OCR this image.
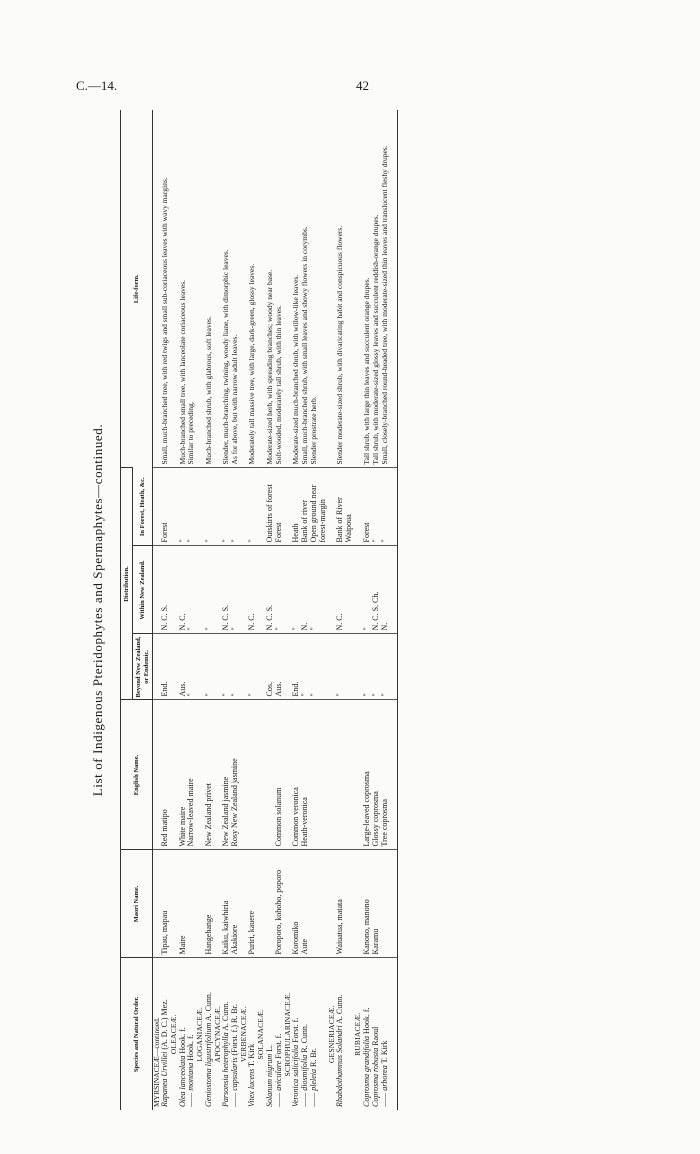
C.—14.	42
List of Indigenous Pteridophytes and Spermaphytes—continued.
Species and Natural Order.	Maori Name.	English Name.	Distribution.			Life-form.
			Beyond New Zealand, or Endemic.	Within New Zealand.	In Forest, Heath, &c.	
MYRSINACEÆ—continued.						
Rapanea Urvillei (A. D. C.) Mez.	Tipau, mapau	Red matipo	End.	N. C. S.	Forest	Small, much-branched tree, with red twigs and small sub-coriaceous leaves with wavy margins.
OLEACEÆ.						
Olea lanceolata Hook. f.	Maire	White maire	Aus.	N. C.	"	Much-branched small tree, with lanceolate coriaceous leaves.
—— montana Hook. f.		Narrow-leaved maire	"	"	"	Similar to preceding.
LOGANIACEÆ.						
Geniostoma ligustrifolium A. Cunn.	Hangehange	New Zealand privet	"	"	"	Much-branched shrub, with glabrous, soft leaves.
APOCYNACEÆ.						
Parsonsia heterophylla A. Cunn.	Kaiku, kaiwhiria	New Zealand jasmine	"	N. C. S.	"	Slender, much-branching, twining, woody liane, with dimorphic leaves.
—— capsularis (Forst. f.) R. Br.	Akakiore	Rosy New Zealand jasmine	"	"	"	As for above, but with narrow adult leaves.
VERBENACEÆ.						
Vitex lucens T. Kirk	Puriri, kauere		"	N. C.	"	Moderately tall massive tree, with large, dark-green, glossy leaves.
SOLANACEÆ.						
Solanum nigrum L.			Cos.	N. C. S.	Outskirts of forest	Moderate-sized herb, with spreading branches; woody near base.
—— aviculare Forst. f.	Poroporo, kohoho, poporo	Common solanum	Aus.	"	Forest	Soft-wooded, moderately tall shrub, with thin leaves.
SCROPHULARINACEÆ.						
Veronica salicifolia Forst. f.	Koromiko	Common veronica	End.	"	Heath	Moderate-sized much-branched shrub, with willow-like leaves.
—— diosmifolia R. Cunn.	Aute	Heath-veronica	"	N.	Bank of river	Small, much-branched shrub, with small leaves and showy flowers in corymbs.
—— pleleia R. Br.			"	"	Open ground near forest-margin	Slender prostrate herb.
GESNERIACEÆ.						
Rhabdothamnus Solandri A. Cunn.	Waiuatua, matata		"	N. C.	Bank of River Waipoua	Slender moderate-sized shrub, with divaricating habit and conspicuous flowers.
RUBIACEÆ.						
Coprosma grandifolia Hook. f.	Kanono, manono	Large-leaved coprosma	"	"	Forest	Tall shrub, with large thin leaves and succulent orange drupes.
Coprosma robusta Raoul	Karamu	Glossy coprosma	"	N. C. S. Ch.	"	Tall shrub, with moderate-sized glossy leaves and succulent reddish-orange drupes.
—— arborea T. Kirk		Tree coprosma	"	N.	"	Small, closely-branched round-headed tree, with moderate-sized thin leaves and translucent fleshy drupes.
